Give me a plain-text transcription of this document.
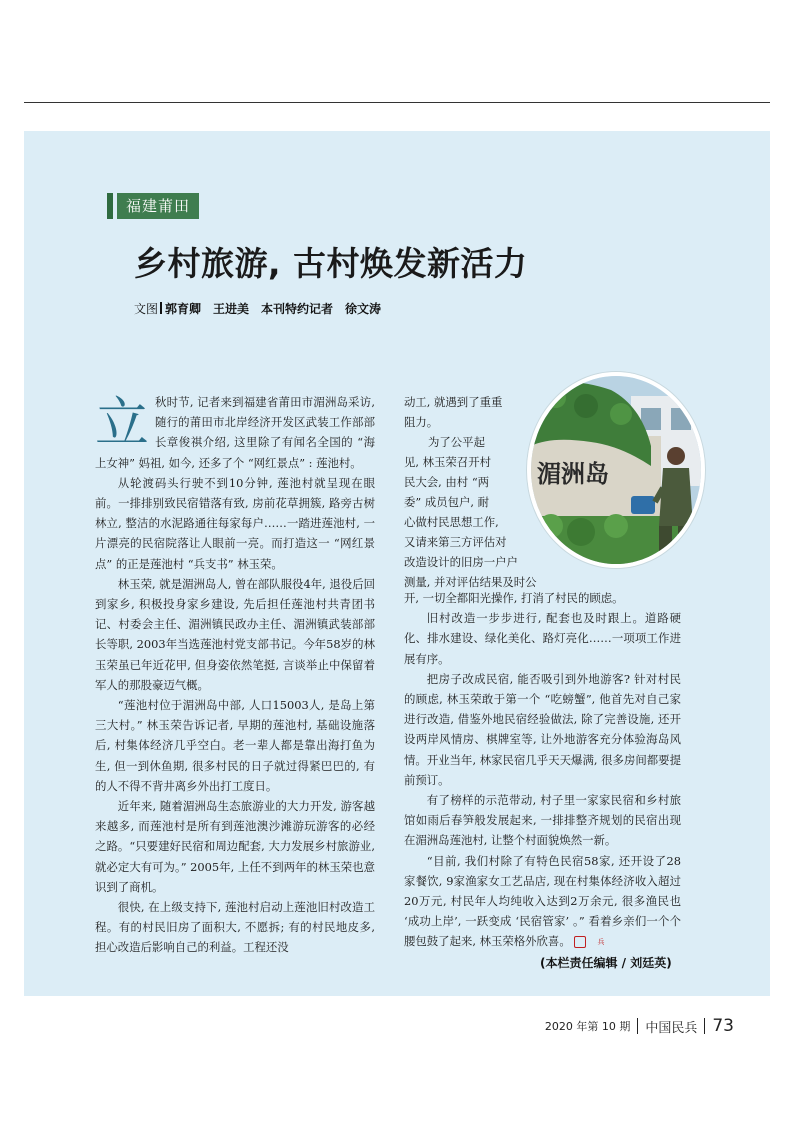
福建莆田
乡村旅游, 古村焕发新活力
文图 郭育卿　王进美　本刊特约记者　徐文涛
立 秋时节, 记者来到福建省莆田市湄洲岛采访, 随行的莆田市北岸经济开发区武装工作部部长章俊祺介绍, 这里除了有闻名全国的 “海上女神” 妈祖, 如今, 还多了个 “网红景点” : 莲池村。

从轮渡码头行驶不到10分钟, 莲池村就呈现在眼前。一排排别致民宿错落有致, 房前花草拥簇, 路旁古树林立, 整洁的水泥路通往每家每户……一踏进莲池村, 一片漂亮的民宿院落让人眼前一亮。而打造这一 “网红景点” 的正是莲池村 “兵支书” 林玉荣。

林玉荣, 就是湄洲岛人, 曾在部队服役4年, 退役后回到家乡, 积极投身家乡建设, 先后担任莲池村共青团书记、村委会主任、湄洲镇民政办主任、湄洲镇武装部部长等职, 2003年当选莲池村党支部书记。今年58岁的林玉荣虽已年近花甲, 但身姿依然笔挺, 言谈举止中保留着军人的那股豪迈气概。

“莲池村位于湄洲岛中部, 人口15003人, 是岛上第三大村。” 林玉荣告诉记者, 早期的莲池村, 基础设施落后, 村集体经济几乎空白。老一辈人都是靠出海打鱼为生, 但一到休鱼期, 很多村民的日子就过得紧巴巴的, 有的人不得不背井离乡外出打工度日。

近年来, 随着湄洲岛生态旅游业的大力开发, 游客越来越多, 而莲池村是所有到莲池澳沙滩游玩游客的必经之路。“只要建好民宿和周边配套, 大力发展乡村旅游业, 就必定大有可为。” 2005年, 上任不到两年的林玉荣也意识到了商机。

很快, 在上级支持下, 莲池村启动上莲池旧村改造工程。有的村民旧房了面积大, 不愿拆; 有的村民地皮多, 担心改造后影响自己的利益。工程还没

动工, 就遇到了重重
阻力。
为了公平起
见, 林玉荣召开村
民大会, 由村 “两
委” 成员包户, 耐
心做村民思想工作,
又请来第三方评估对
改造设计的旧房一户户
测量, 并对评估结果及时公

开, 一切全都阳光操作, 打消了村民的顾虑。

旧村改造一步步进行, 配套也及时跟上。道路硬化、排水建设、绿化美化、路灯亮化……一项项工作进展有序。

把房子改成民宿, 能否吸引到外地游客? 针对村民的顾虑, 林玉荣敢于第一个 “吃螃蟹”, 他首先对自己家进行改造, 借鉴外地民宿经验做法, 除了完善设施, 还开设两岸风情房、棋牌室等, 让外地游客充分体验海岛风情。开业当年, 林家民宿几乎天天爆满, 很多房间都要提前预订。

有了榜样的示范带动, 村子里一家家民宿和乡村旅馆如雨后春笋般发展起来, 一排排整齐规划的民宿出现在湄洲岛莲池村, 让整个村面貌焕然一新。

“目前, 我们村除了有特色民宿58家, 还开设了28家餐饮, 9家渔家女工艺品店, 现在村集体经济收入超过20万元, 村民年人均纯收入达到2万余元, 很多渔民也 ‘成功上岸’, 一跃变成 ‘民宿管家’ 。” 看着乡亲们一个个腰包鼓了起来, 林玉荣格外欣喜。	兵

湄洲岛
(本栏责任编辑 / 刘廷英)
2020 年第 10 期 中国民兵 73
